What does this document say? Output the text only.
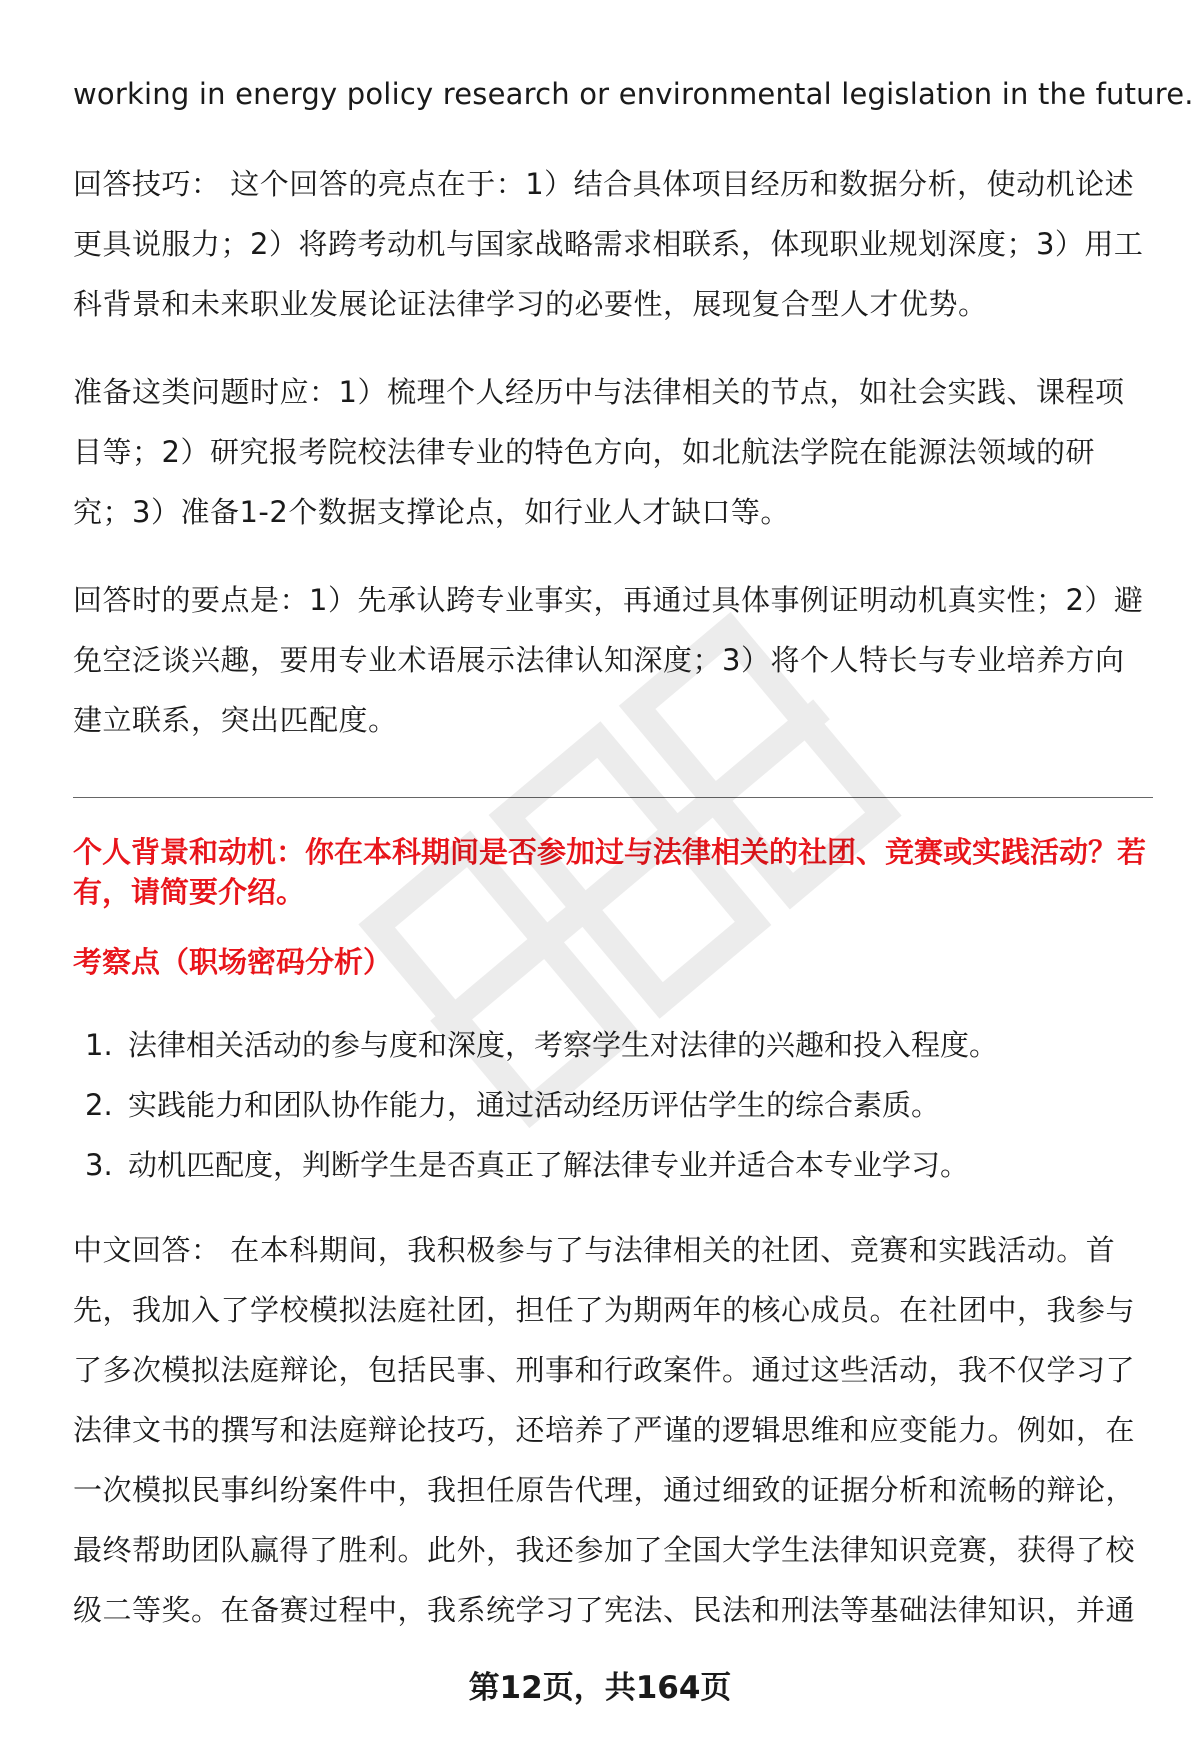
working in energy policy research or environmental legislation in the future.

回答技巧： 这个回答的亮点在于：1）结合具体项目经历和数据分析，使动机论述更具说服力；2）将跨考动机与国家战略需求相联系，体现职业规划深度；3）用工科背景和未来职业发展论证法律学习的必要性，展现复合型人才优势。

准备这类问题时应：1）梳理个人经历中与法律相关的节点，如社会实践、课程项目等；2）研究报考院校法律专业的特色方向，如北航法学院在能源法领域的研究；3）准备1-2个数据支撑论点，如行业人才缺口等。

回答时的要点是：1）先承认跨专业事实，再通过具体事例证明动机真实性；2）避免空泛谈兴趣，要用专业术语展示法律认知深度；3）将个人特长与专业培养方向建立联系，突出匹配度。

个人背景和动机：你在本科期间是否参加过与法律相关的社团、竞赛或实践活动？若有，请简要介绍。

考察点（职场密码分析）

1. 法律相关活动的参与度和深度，考察学生对法律的兴趣和投入程度。
2. 实践能力和团队协作能力，通过活动经历评估学生的综合素质。
3. 动机匹配度，判断学生是否真正了解法律专业并适合本专业学习。

中文回答： 在本科期间，我积极参与了与法律相关的社团、竞赛和实践活动。首先，我加入了学校模拟法庭社团，担任了为期两年的核心成员。在社团中，我参与了多次模拟法庭辩论，包括民事、刑事和行政案件。通过这些活动，我不仅学习了法律文书的撰写和法庭辩论技巧，还培养了严谨的逻辑思维和应变能力。例如，在一次模拟民事纠纷案件中，我担任原告代理，通过细致的证据分析和流畅的辩论，最终帮助团队赢得了胜利。此外，我还参加了全国大学生法律知识竞赛，获得了校级二等奖。在备赛过程中，我系统学习了宪法、民法和刑法等基础法律知识，并通

第12页，共164页
